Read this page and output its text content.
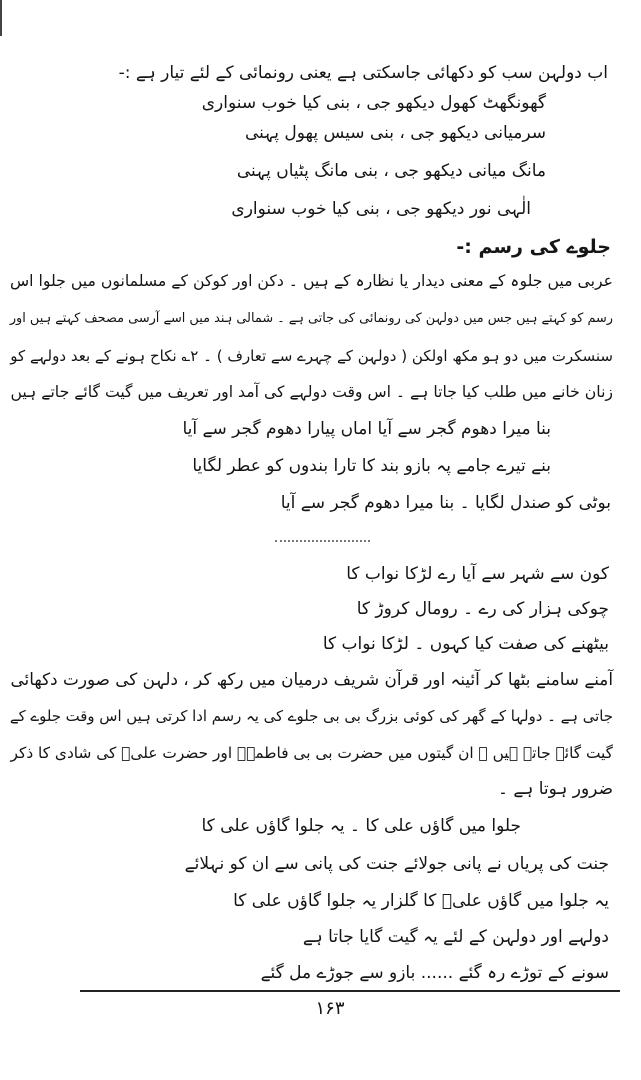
اب دولہن سب کو دکھائی جاسکتی ہے یعنی رونمائی کے لئے تیار ہے :-
گھونگھٹ کھول دیکھو جی ، بنی کیا خوب سنواری
سرمیانی دیکھو جی ، بنی سیس پھول پہنی
مانگ میانی دیکھو جی ، بنی مانگ پٹیاں پہنی
الٰہی نور دیکھو جی ، بنی کیا خوب سنواری
جلوے کی رسم :-
عربی میں جلوہ کے معنی دیدار یا نظارہ کے ہیں ۔ دکن اور کوکن کے مسلمانوں میں جلوا اس
رسم کو کہتے ہیں جس میں دولہن کی رونمائی کی جاتی ہے ۔ شمالی ہند میں اسے آرسی مصحف کہتے ہیں اور
سنسکرت میں دو ہو مکھ اولکن ( دولہن کے چہرے سے تعارف ) ۔ ۲؎ نکاح ہونے کے بعد دولہے کو
زنان خانے میں طلب کیا جاتا ہے ۔ اس وقت دولہے کی آمد اور تعریف میں گیت گائے جاتے ہیں
بنا میرا دھوم گجر سے آیا اماں پیارا دھوم گجر سے آیا
بنے تیرے جامے پہ بازو بند کا تارا بندوں کو عطر لگایا
بوٹی کو صندل لگایا ۔ بنا میرا دھوم گجر سے آیا
کون سے شہر سے آیا رے لڑکا نواب کا
چوکی ہزار کی رے ۔ رومال کروڑ کا
بیٹھنے کی صفت کیا کہوں ۔ لڑکا نواب کا
آمنے سامنے بٹھا کر آئینہ اور قرآن شریف درمیان میں رکھ کر ، دلہن کی صورت دکھائی
جاتی ہے ۔ دولہا کے گھر کی کوئی بزرگ بی بی جلوے کی یہ رسم ادا کرتی ہیں اس وقت جلوے کے
گیت گائے جاتے ہیں ۔ ان گیتوں میں حضرت بی بی فاطمہؓ اور حضرت علیؓ کی شادی کا ذکر
ضرور ہوتا ہے ۔
جلوا میں گاؤں علی کا ۔ یہ جلوا گاؤں علی کا
جنت کی پریاں نے پانی جولائے جنت کی پانی سے ان کو نہلائے
یہ جلوا میں گاؤں علیؑ کا گلزار یہ جلوا گاؤں علی کا
دولہے اور دولہن کے لئے یہ گیت گایا جاتا ہے
سونے کے توڑے رہ گئے ...... بازو سے جوڑے مل گئے
۱۶۳
